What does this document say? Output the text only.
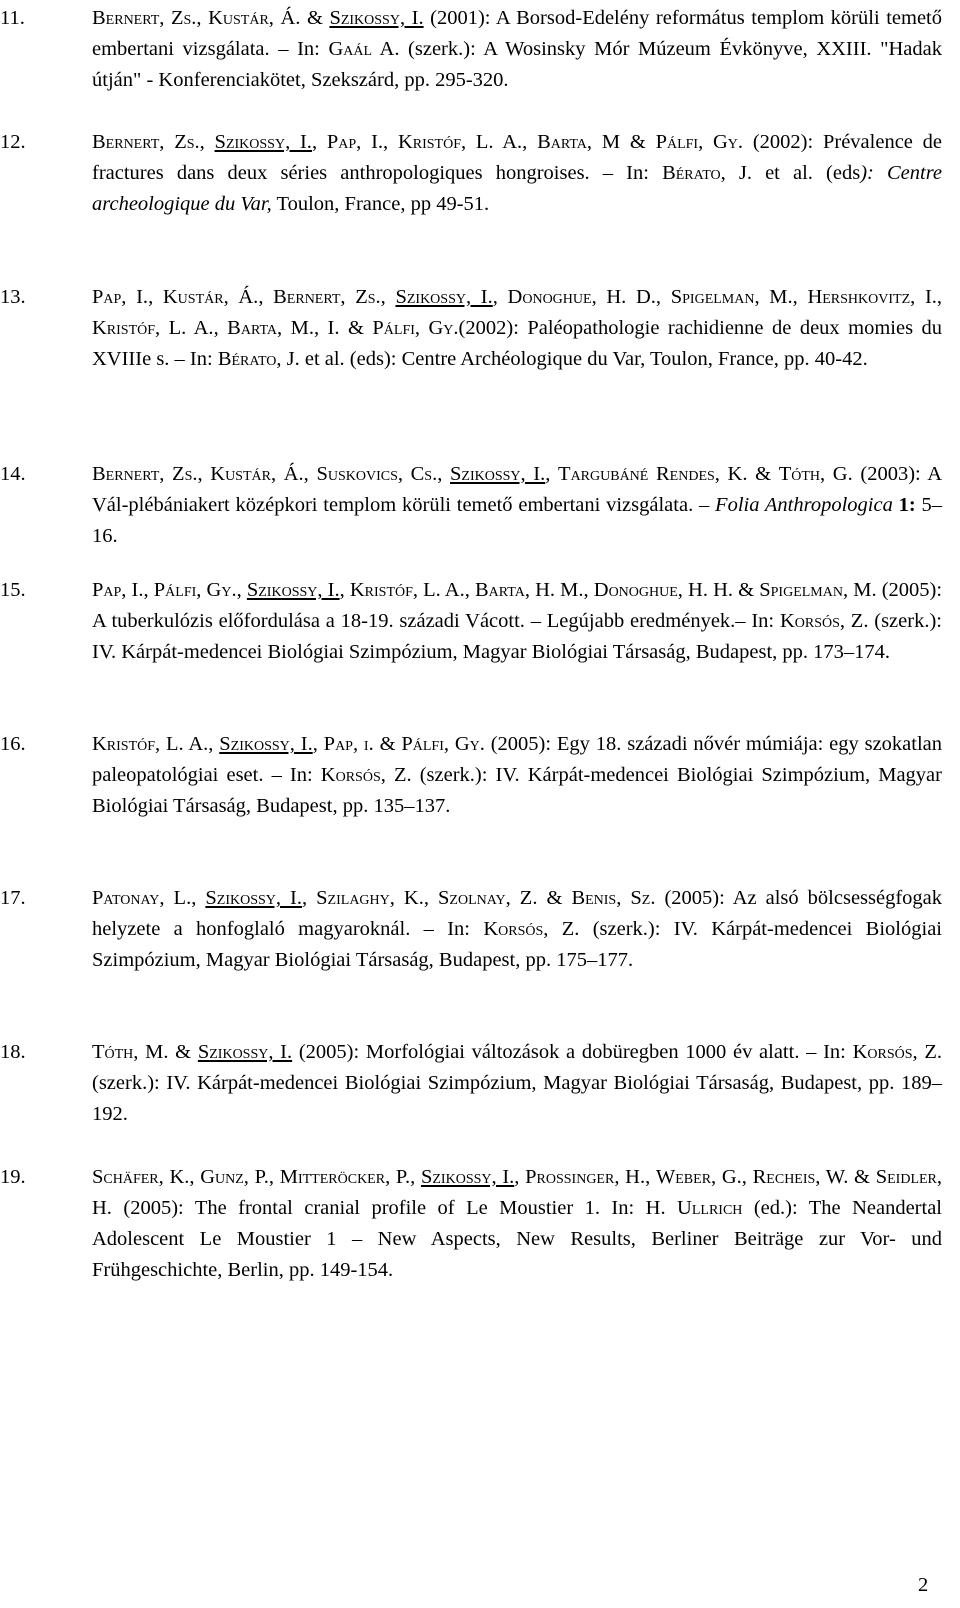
11.	Bernert, Zs., Kustár, Á. & Szikossy, I. (2001): A Borsod-Edelény református templom körüli temető embertani vizsgálata. – In: Gaál A. (szerk.): A Wosinsky Mór Múzeum Évkönyve, XXIII. "Hadak útján" - Konferenciakötet, Szekszárd, pp. 295-320.
12.	Bernert, Zs., Szikossy, I., Pap, I., Kristóf, L. A., Barta, M & Pálfi, Gy. (2002): Prévalence de fractures dans deux séries anthropologiques hongroises. – In: Bérato, J. et al. (eds): Centre archeologique du Var, Toulon, France, pp 49-51.
13.	Pap, I., Kustár, Á., Bernert, Zs., Szikossy, I., Donoghue, H. D., Spigelman, M., Hershkovitz, I., Kristóf, L. A., Barta, M., I. & Pálfi, Gy.(2002): Paléopathologie rachidienne de deux momies du XVIIIe s. – In: Bérato, J. et al. (eds): Centre Archéologique du Var, Toulon, France, pp. 40-42.
14.	Bernert, Zs., Kustár, Á., Suskovics, Cs., Szikossy, I., Targubáné Rendes, K. & Tóth, G. (2003): A Vál-plébániakert középkori templom körüli temető embertani vizsgálata. – Folia Anthropologica 1: 5–16.
15.	Pap, I., Pálfi, Gy., Szikossy, I., Kristóf, L. A., Barta, H. M., Donoghue, H. H. & Spigelman, M. (2005): A tuberkulózis előfordulása a 18-19. századi Vácott. – Legújabb eredmények.– In: Korsós, Z. (szerk.): IV. Kárpát-medencei Biológiai Szimpózium, Magyar Biológiai Társaság, Budapest, pp. 173–174.
16.	Kristóf, L. A., Szikossy, I., Pap, i. & Pálfi, Gy. (2005): Egy 18. századi nővér múmiája: egy szokatlan paleopatológiai eset. – In: Korsós, Z. (szerk.): IV. Kárpát-medencei Biológiai Szimpózium, Magyar Biológiai Társaság, Budapest, pp. 135–137.
17.	Patonay, L., Szikossy, I., Szilaghy, K., Szolnay, Z. & Benis, Sz. (2005): Az alsó bölcsességfogak helyzete a honfoglaló magyaroknál. – In: Korsós, Z. (szerk.): IV. Kárpát-medencei Biológiai Szimpózium, Magyar Biológiai Társaság, Budapest, pp. 175–177.
18.	Tóth, M. & Szikossy, I. (2005): Morfológiai változások a dobüregben 1000 év alatt. – In: Korsós, Z. (szerk.): IV. Kárpát-medencei Biológiai Szimpózium, Magyar Biológiai Társaság, Budapest, pp. 189–192.
19.	Schäfer, K., Gunz, P., Mitteröcker, P., Szikossy, I., Prossinger, H., Weber, G., Recheis, W. & Seidler, H. (2005): The frontal cranial profile of Le Moustier 1. In: H. Ullrich (ed.): The Neandertal Adolescent Le Moustier 1 – New Aspects, New Results, Berliner Beiträge zur Vor- und Frühgeschichte, Berlin, pp. 149-154.
2
